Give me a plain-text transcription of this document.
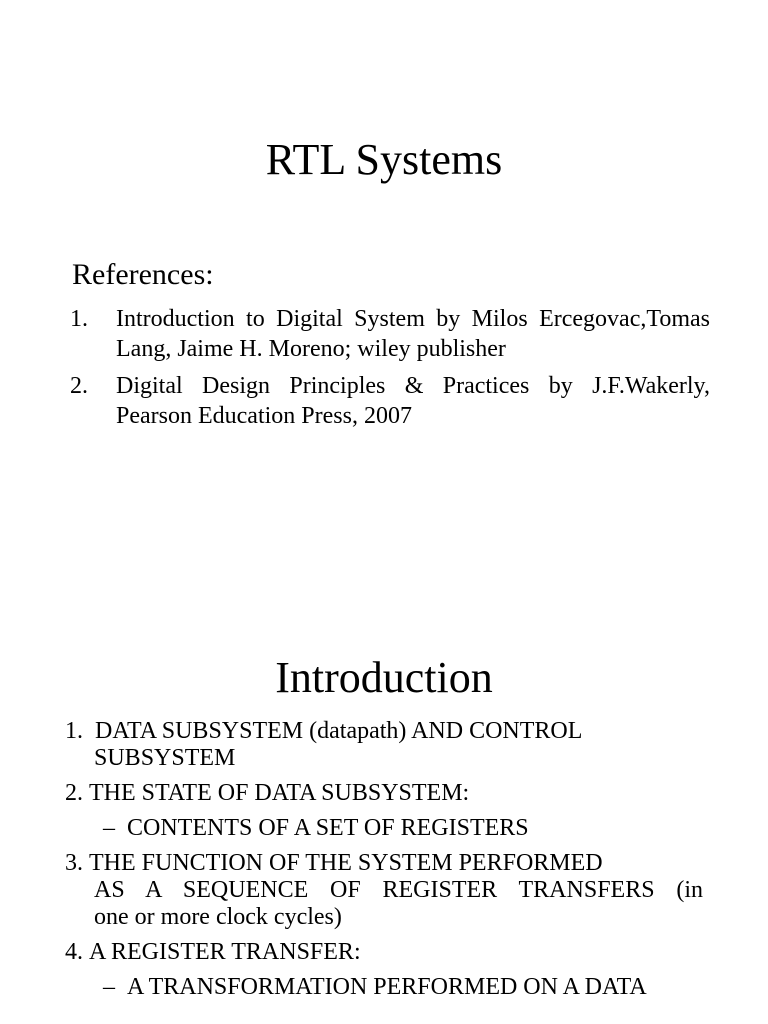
RTL Systems
References:
1.	Introduction to Digital System by Milos Ercegovac,Tomas Lang, Jaime H. Moreno; wiley publisher
2.	Digital Design Principles & Practices by J.F.Wakerly, Pearson Education Press, 2007
Introduction
1. DATA SUBSYSTEM (datapath) AND CONTROL
SUBSYSTEM
2. THE STATE OF DATA SUBSYSTEM:
– CONTENTS OF A SET OF REGISTERS
3. THE FUNCTION OF THE SYSTEM PERFORMED
AS A SEQUENCE OF REGISTER TRANSFERS (in
one or more clock cycles)
4. A REGISTER TRANSFER:
– A TRANSFORMATION PERFORMED ON A DATA
